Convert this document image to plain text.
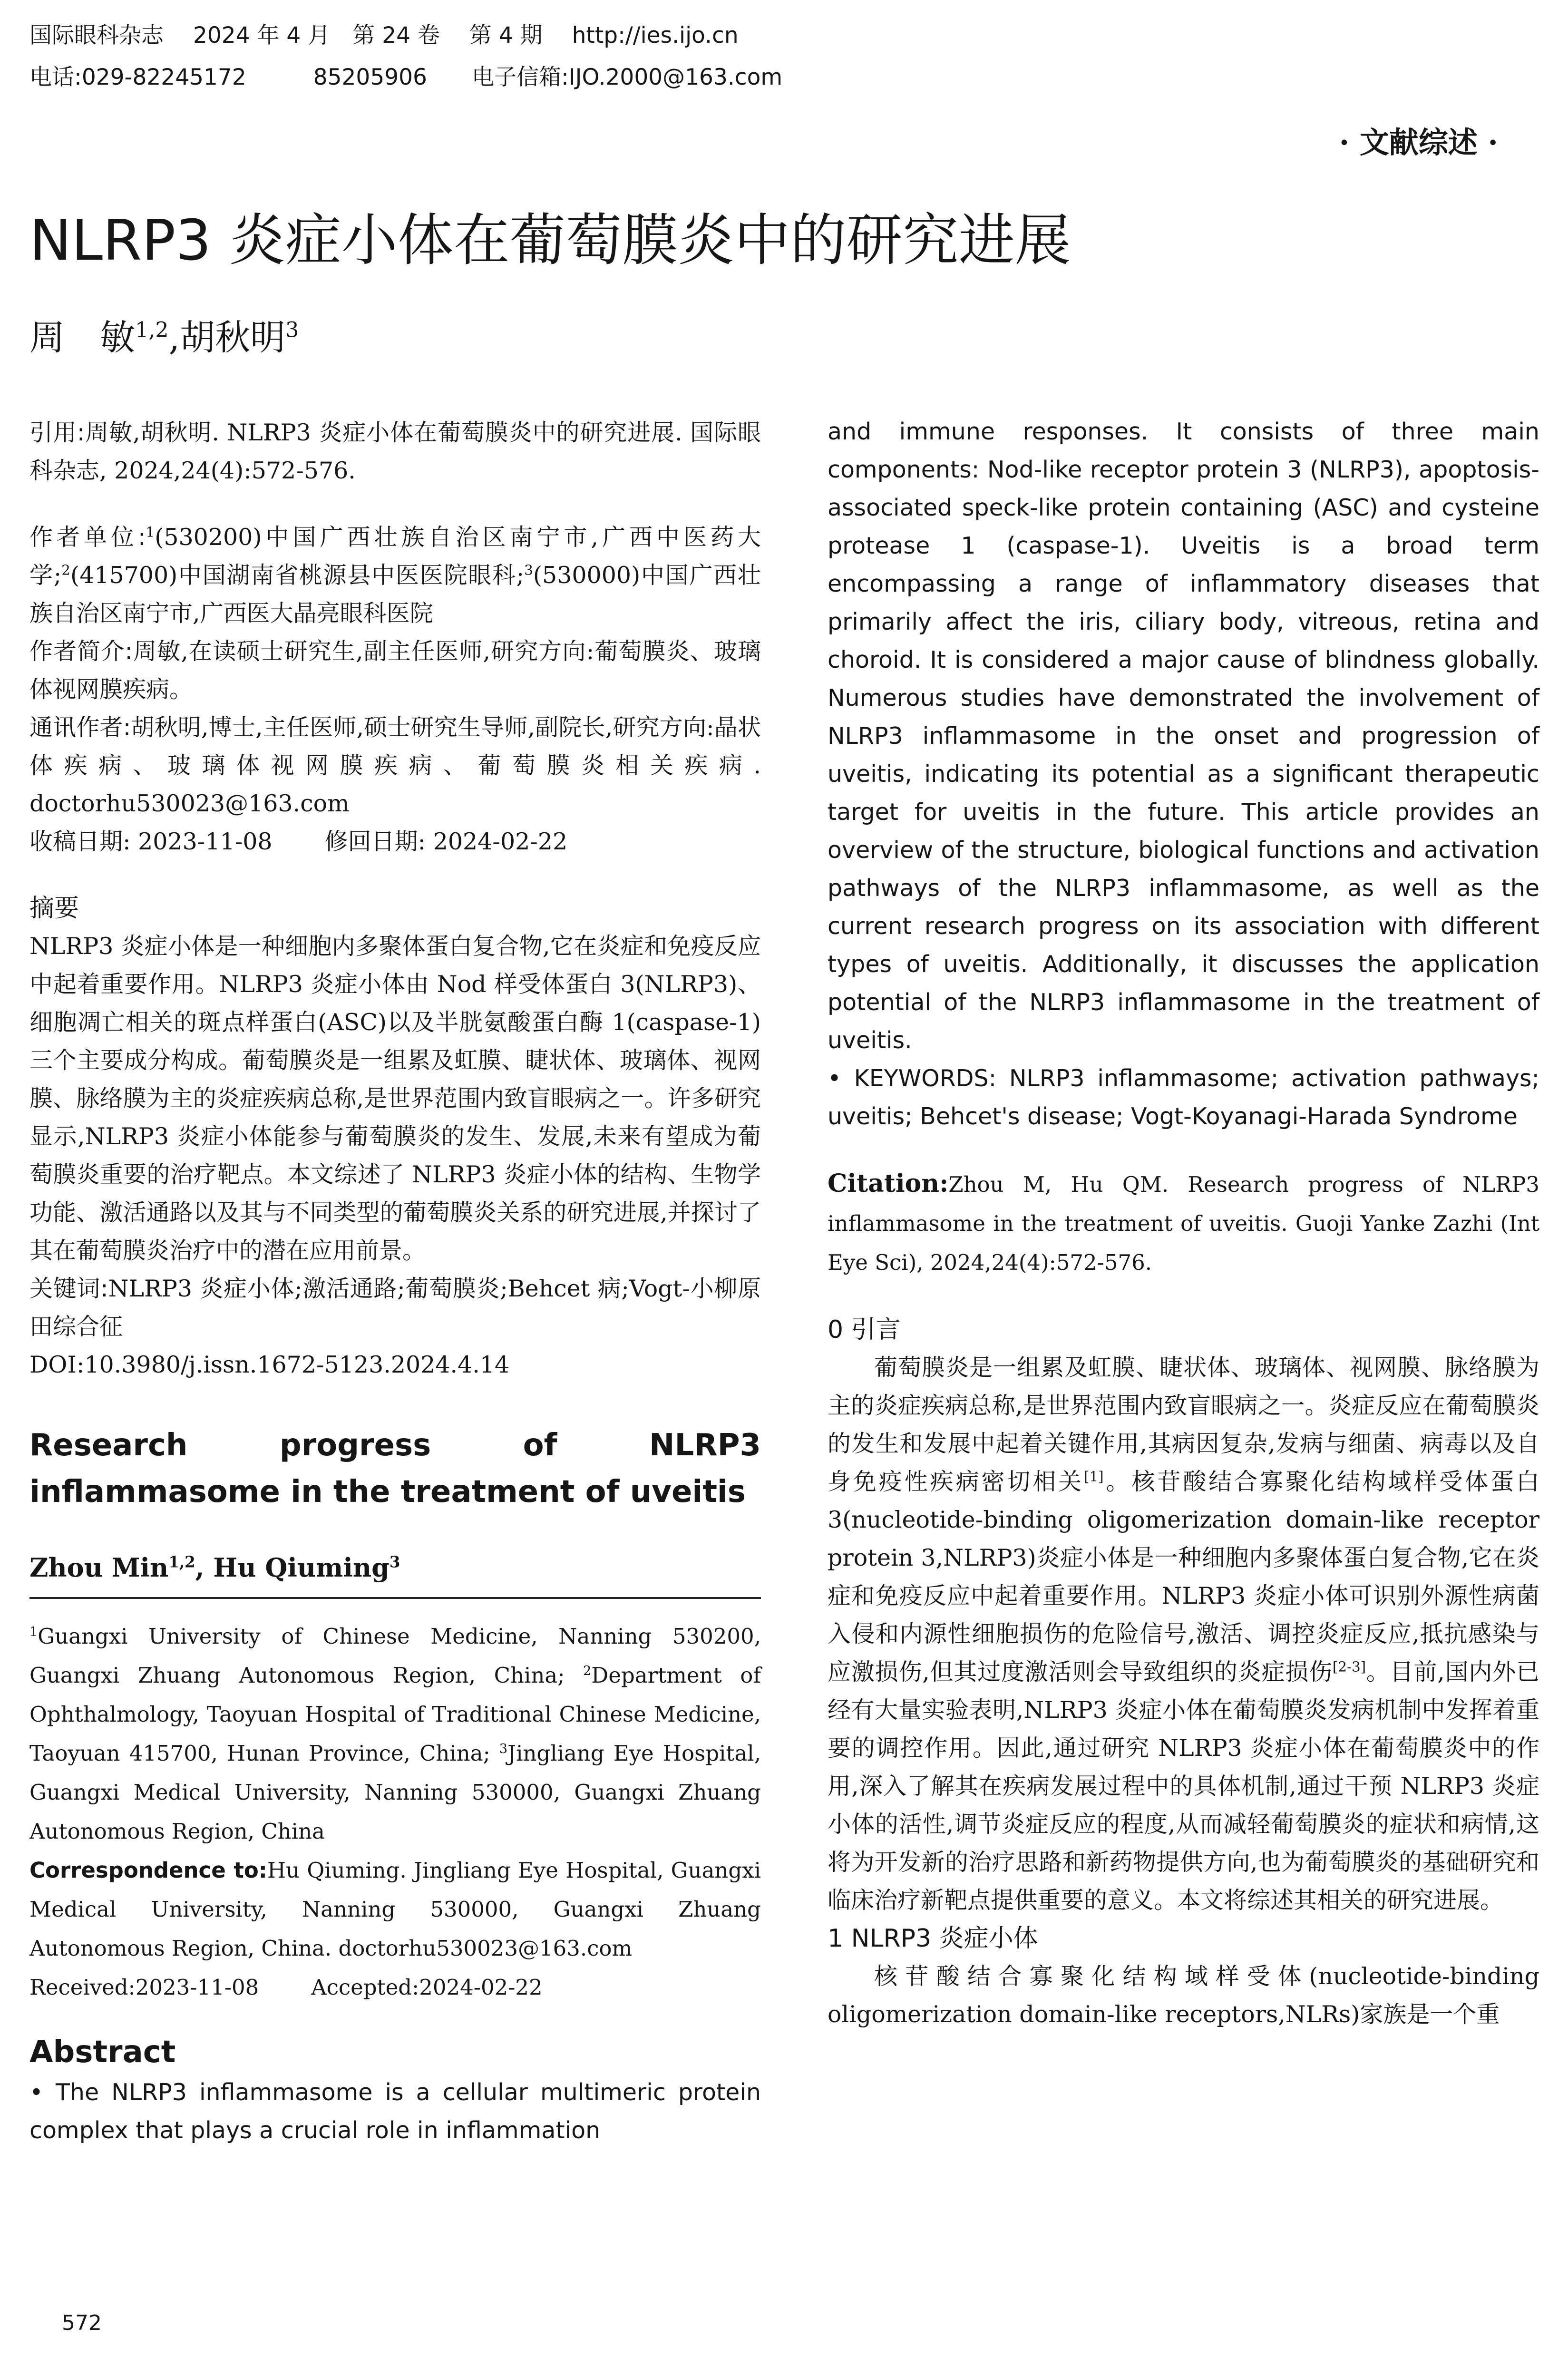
国际眼科杂志　 2024 年 4 月　第 24 卷　 第 4 期　 http://ies.ijo.cn
电话:029-82245172　　　85205906　　电子信箱:IJO.2000@163.com
· 文献综述 ·
NLRP3 炎症小体在葡萄膜炎中的研究进展
周　敏$^{1,2}$,胡秋明$^3$

引用:周敏,胡秋明. NLRP3 炎症小体在葡萄膜炎中的研究进展. 国际眼科杂志, 2024,24(4):572-576.

作者单位:$^1$(530200)中国广西壮族自治区南宁市,广西中医药大学;$^2$(415700)中国湖南省桃源县中医医院眼科;$^3$(530000)中国广西壮族自治区南宁市,广西医大晶亮眼科医院

作者简介:周敏,在读硕士研究生,副主任医师,研究方向:葡萄膜炎、玻璃体视网膜疾病。

通讯作者:胡秋明,博士,主任医师,硕士研究生导师,副院长,研究方向:晶状体疾病、玻璃体视网膜疾病、葡萄膜炎相关疾病. doctorhu530023@163.com

收稿日期: 2023-11-08 修回日期: 2024-02-22

摘要

NLRP3 炎症小体是一种细胞内多聚体蛋白复合物,它在炎症和免疫反应中起着重要作用。NLRP3 炎症小体由 Nod 样受体蛋白 3(NLRP3)、细胞凋亡相关的斑点样蛋白(ASC)以及半胱氨酸蛋白酶 1(caspase-1)三个主要成分构成。葡萄膜炎是一组累及虹膜、睫状体、玻璃体、视网膜、脉络膜为主的炎症疾病总称,是世界范围内致盲眼病之一。许多研究显示,NLRP3 炎症小体能参与葡萄膜炎的发生、发展,未来有望成为葡萄膜炎重要的治疗靶点。本文综述了 NLRP3 炎症小体的结构、生物学功能、激活通路以及其与不同类型的葡萄膜炎关系的研究进展,并探讨了其在葡萄膜炎治疗中的潜在应用前景。

关键词:NLRP3 炎症小体;激活通路;葡萄膜炎;Behcet 病;Vogt-小柳原田综合征

DOI:10.3980/j.issn.1672-5123.2024.4.14

Research progress of NLRP3 inflammasome in the treatment of uveitis

Zhou Min$^{1,2}$, Hu Qiuming$^3$

$^1$Guangxi University of Chinese Medicine, Nanning 530200, Guangxi Zhuang Autonomous Region, China; $^2$Department of Ophthalmology, Taoyuan Hospital of Traditional Chinese Medicine, Taoyuan 415700, Hunan Province, China; $^3$Jingliang Eye Hospital, Guangxi Medical University, Nanning 530000, Guangxi Zhuang Autonomous Region, China

Correspondence to:Hu Qiuming. Jingliang Eye Hospital, Guangxi Medical University, Nanning 530000, Guangxi Zhuang Autonomous Region, China. doctorhu530023@163.com

Received:2023-11-08 Accepted:2024-02-22

Abstract

• The NLRP3 inflammasome is a cellular multimeric protein complex that plays a crucial role in inflammation

and immune responses. It consists of three main components: Nod-like receptor protein 3 (NLRP3), apoptosis-associated speck-like protein containing (ASC) and cysteine protease 1 (caspase-1). Uveitis is a broad term encompassing a range of inflammatory diseases that primarily affect the iris, ciliary body, vitreous, retina and choroid. It is considered a major cause of blindness globally. Numerous studies have demonstrated the involvement of NLRP3 inflammasome in the onset and progression of uveitis, indicating its potential as a significant therapeutic target for uveitis in the future. This article provides an overview of the structure, biological functions and activation pathways of the NLRP3 inflammasome, as well as the current research progress on its association with different types of uveitis. Additionally, it discusses the application potential of the NLRP3 inflammasome in the treatment of uveitis.

• KEYWORDS: NLRP3 inflammasome; activation pathways; uveitis; Behcet's disease; Vogt-Koyanagi-Harada Syndrome

Citation:Zhou M, Hu QM. Research progress of NLRP3 inflammasome in the treatment of uveitis. Guoji Yanke Zazhi (Int Eye Sci), 2024,24(4):572-576.

0 引言

葡萄膜炎是一组累及虹膜、睫状体、玻璃体、视网膜、脉络膜为主的炎症疾病总称,是世界范围内致盲眼病之一。炎症反应在葡萄膜炎的发生和发展中起着关键作用,其病因复杂,发病与细菌、病毒以及自身免疫性疾病密切相关[1]。核苷酸结合寡聚化结构域样受体蛋白 3(nucleotide-binding oligomerization domain-like receptor protein 3,NLRP3)炎症小体是一种细胞内多聚体蛋白复合物,它在炎症和免疫反应中起着重要作用。NLRP3 炎症小体可识别外源性病菌入侵和内源性细胞损伤的危险信号,激活、调控炎症反应,抵抗感染与应激损伤,但其过度激活则会导致组织的炎症损伤[2-3]。目前,国内外已经有大量实验表明,NLRP3 炎症小体在葡萄膜炎发病机制中发挥着重要的调控作用。因此,通过研究 NLRP3 炎症小体在葡萄膜炎中的作用,深入了解其在疾病发展过程中的具体机制,通过干预 NLRP3 炎症小体的活性,调节炎症反应的程度,从而减轻葡萄膜炎的症状和病情,这将为开发新的治疗思路和新药物提供方向,也为葡萄膜炎的基础研究和临床治疗新靶点提供重要的意义。本文将综述其相关的研究进展。

1 NLRP3 炎症小体

核苷酸结合寡聚化结构域样受体(nucleotide-binding oligomerization domain-like receptors,NLRs)家族是一个重

572
